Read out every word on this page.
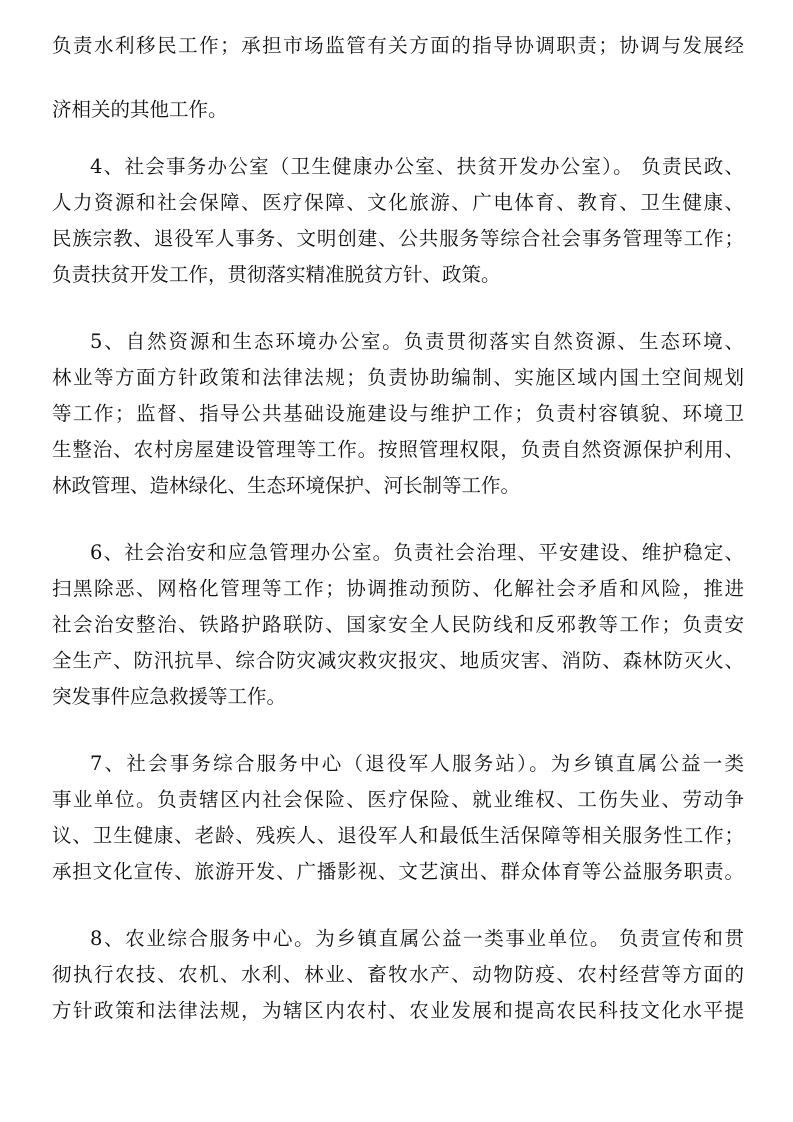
负责水利移民工作；承担市场监管有关方面的指导协调职责；协调与发展经
济相关的其他工作。
4、社会事务办公室（卫生健康办公室、扶贫开发办公室）。 负责民政、
人力资源和社会保障、医疗保障、文化旅游、广电体育、教育、卫生健康、
民族宗教、退役军人事务、文明创建、公共服务等综合社会事务管理等工作；
负责扶贫开发工作，贯彻落实精准脱贫方针、政策。
5、自然资源和生态环境办公室。负责贯彻落实自然资源、生态环境、
林业等方面方针政策和法律法规；负责协助编制、实施区域内国土空间规划
等工作；监督、指导公共基础设施建设与维护工作；负责村容镇貌、环境卫
生整治、农村房屋建设管理等工作。按照管理权限，负责自然资源保护利用、
林政管理、造林绿化、生态环境保护、河长制等工作。
6、社会治安和应急管理办公室。负责社会治理、平安建设、维护稳定、
扫黑除恶、网格化管理等工作；协调推动预防、化解社会矛盾和风险，推进
社会治安整治、铁路护路联防、国家安全人民防线和反邪教等工作；负责安
全生产、防汛抗旱、综合防灾减灾救灾报灾、地质灾害、消防、森林防灭火、
突发事件应急救援等工作。
7、社会事务综合服务中心（退役军人服务站）。为乡镇直属公益一类
事业单位。负责辖区内社会保险、医疗保险、就业维权、工伤失业、劳动争
议、卫生健康、老龄、残疾人、退役军人和最低生活保障等相关服务性工作；
承担文化宣传、旅游开发、广播影视、文艺演出、群众体育等公益服务职责。
8、农业综合服务中心。为乡镇直属公益一类事业单位。 负责宣传和贯
彻执行农技、农机、水利、林业、畜牧水产、动物防疫、农村经营等方面的
方针政策和法律法规，为辖区内农村、农业发展和提高农民科技文化水平提
